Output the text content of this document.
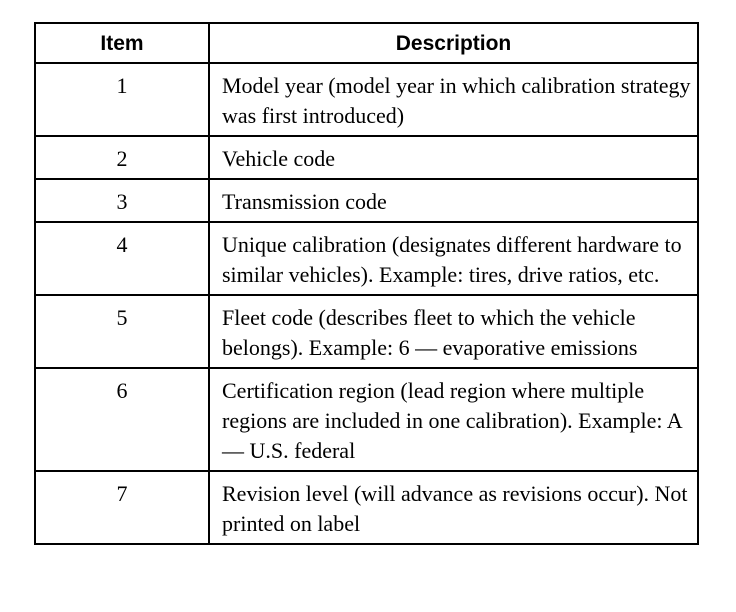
Item	Description
1	Model year (model year in which calibration strategy was first introduced)
2	Vehicle code
3	Transmission code
4	Unique calibration (designates different hardware to similar vehicles). Example: tires, drive ratios, etc.
5	Fleet code (describes fleet to which the vehicle belongs). Example: 6 — evaporative emissions
6	Certification region (lead region where multiple regions are included in one calibration). Example: A — U.S. federal
7	Revision level (will advance as revisions occur). Not printed on label
